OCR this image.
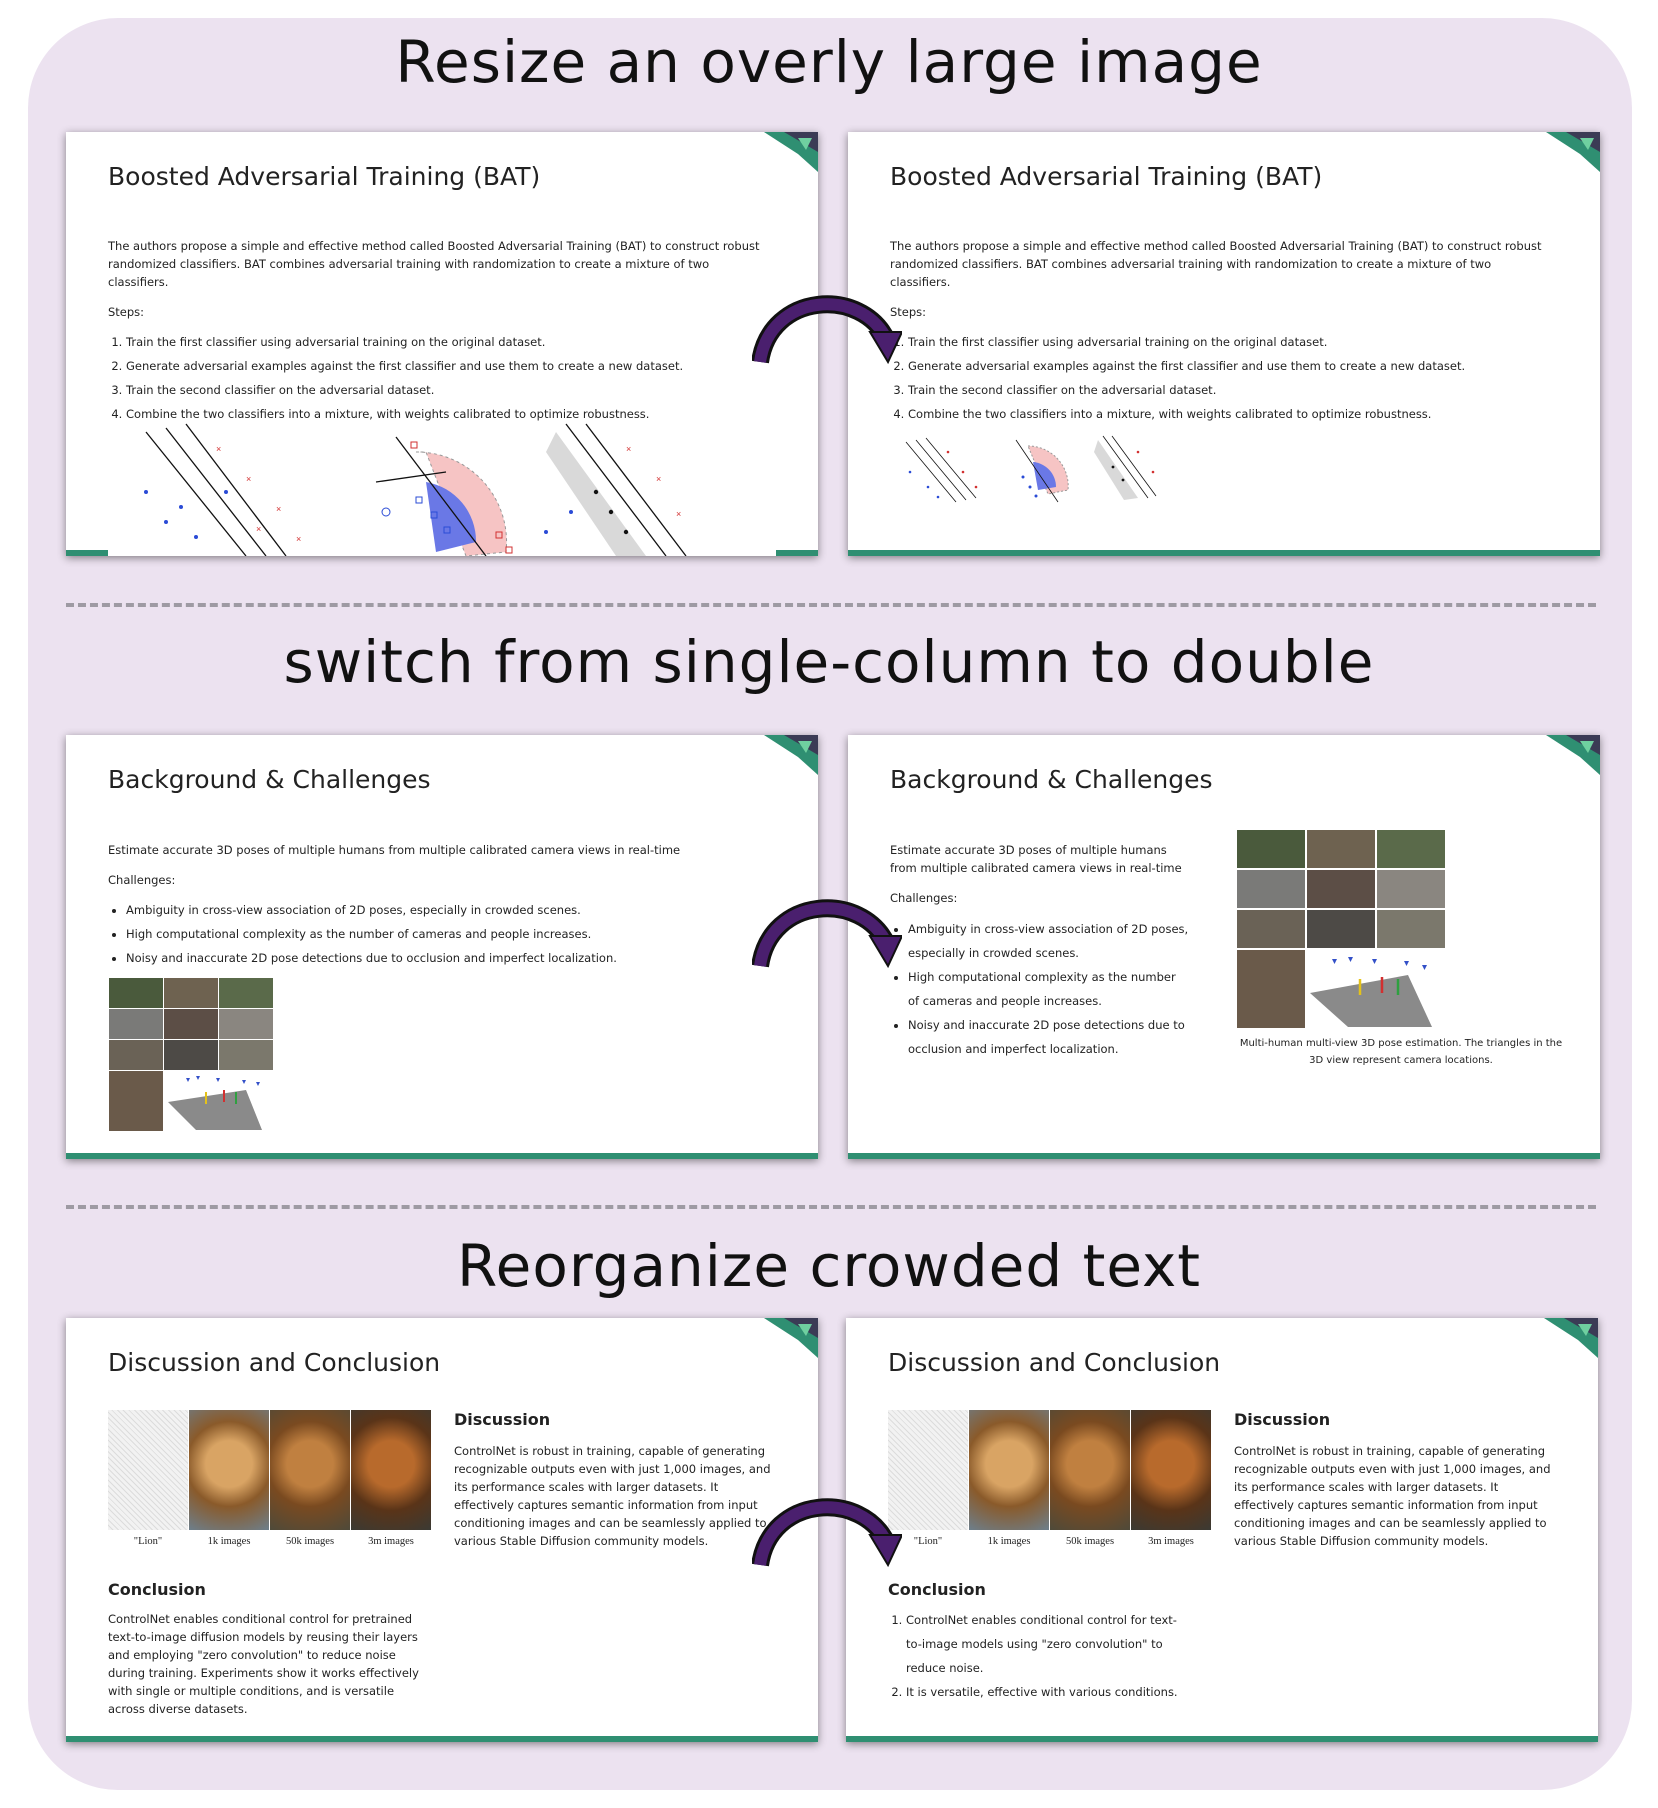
Resize an overly large image
Boosted Adversarial Training (BAT)
The authors propose a simple and effective method called Boosted Adversarial Training (BAT) to construct robust randomized classifiers. BAT combines adversarial training with randomization to create a mixture of two classifiers.
Steps:
1. Train the first classifier using adversarial training on the original dataset.
2. Generate adversarial examples against the first classifier and use them to create a new dataset.
3. Train the second classifier on the adversarial dataset.
4. Combine the two classifiers into a mixture, with weights calibrated to optimize robustness.
×
×
×
×
×
×
×
×
Boosted Adversarial Training (BAT)
The authors propose a simple and effective method called Boosted Adversarial Training (BAT) to construct robust randomized classifiers. BAT combines adversarial training with randomization to create a mixture of two classifiers.
Steps:
1. Train the first classifier using adversarial training on the original dataset.
2. Generate adversarial examples against the first classifier and use them to create a new dataset.
3. Train the second classifier on the adversarial dataset.
4. Combine the two classifiers into a mixture, with weights calibrated to optimize robustness.
switch from single-column to double
Background & Challenges
Estimate accurate 3D poses of multiple humans from multiple calibrated camera views in real-time
Challenges:
• Ambiguity in cross-view association of 2D poses, especially in crowded scenes.
• High computational complexity as the number of cameras and people increases.
• Noisy and inaccurate 2D pose detections due to occlusion and imperfect localization.
Background & Challenges
Estimate accurate 3D poses of multiple humans from multiple calibrated camera views in real-time
Challenges:
• Ambiguity in cross-view association of 2D poses, especially in crowded scenes.
• High computational complexity as the number of cameras and people increases.
• Noisy and inaccurate 2D pose detections due to occlusion and imperfect localization.	Multi-human multi-view 3D pose estimation. The triangles in the 3D view represent camera locations.
Reorganize crowded text
Discussion and Conclusion
"Lion"	1k images	50k images	3m images
Discussion
ControlNet is robust in training, capable of generating recognizable outputs even with just 1,000 images, and its performance scales with larger datasets. It effectively captures semantic information from input conditioning images and can be seamlessly applied to various Stable Diffusion community models.
Conclusion
ControlNet enables conditional control for pretrained text-to-image diffusion models by reusing their layers and employing "zero convolution" to reduce noise during training. Experiments show it works effectively with single or multiple conditions, and is versatile across diverse datasets.
Discussion and Conclusion
"Lion"	1k images	50k images	3m images
Discussion
ControlNet is robust in training, capable of generating recognizable outputs even with just 1,000 images, and its performance scales with larger datasets. It effectively captures semantic information from input conditioning images and can be seamlessly applied to various Stable Diffusion community models.
Conclusion
1. ControlNet enables conditional control for text-to-image models using "zero convolution" to reduce noise.
2. It is versatile, effective with various conditions.
